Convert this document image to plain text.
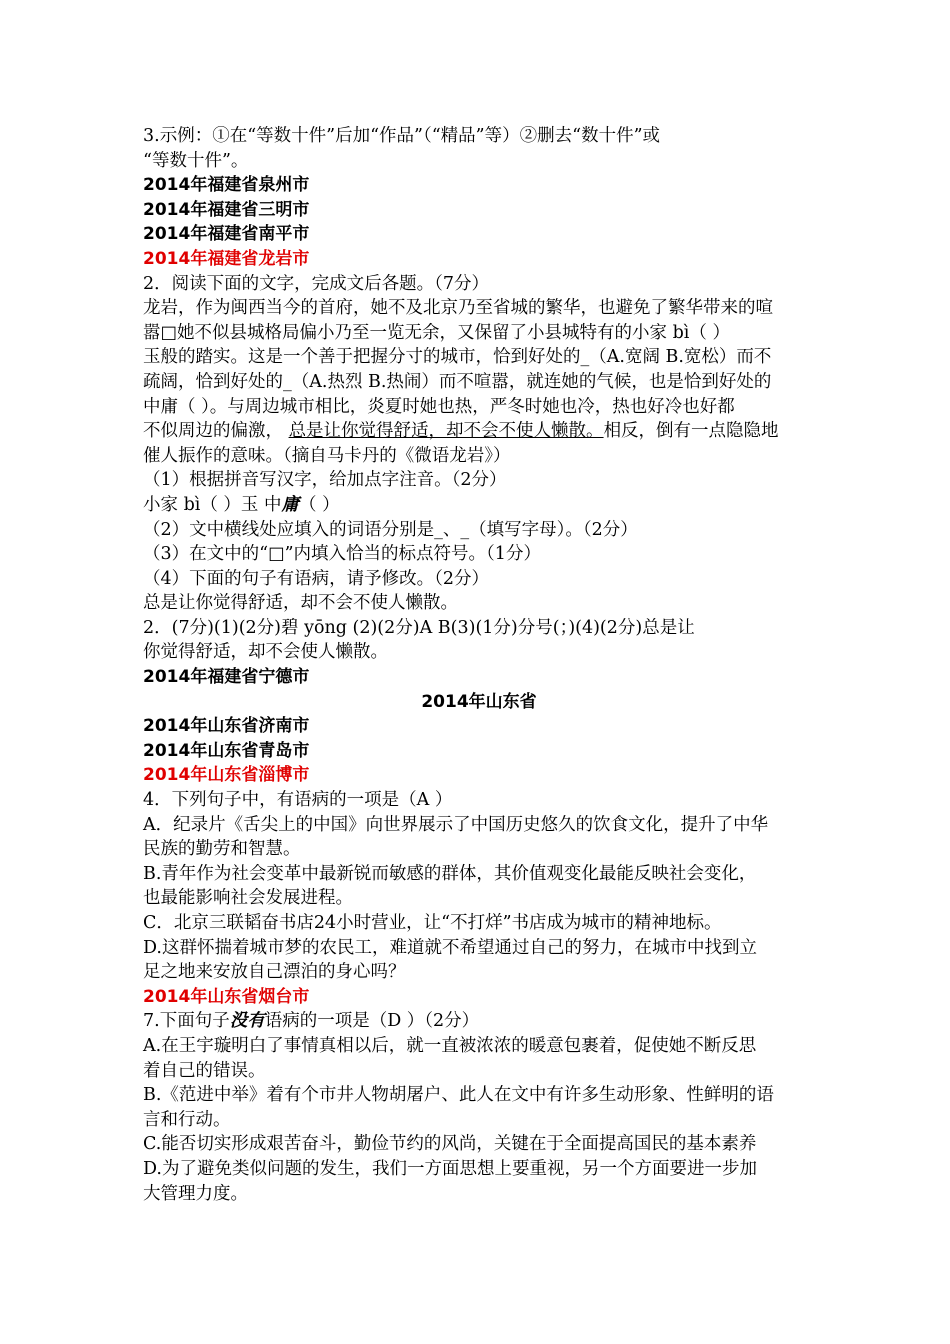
3.示例：①在“等数十件”后加“作品”（“精品”等）②删去“数十件”或
“等数十件”。
2014年福建省泉州市
2014年福建省三明市
2014年福建省南平市
2014年福建省龙岩市
2．阅读下面的文字，完成文后各题。（7分）
龙岩，作为闽西当今的首府，她不及北京乃至省城的繁华，也避免了繁华带来的喧
嚣□她不似县城格局偏小乃至一览无余，又保留了小县城特有的小家 bì（ ）
玉般的踏实。这是一个善于把握分寸的城市，恰到好处的_（A.宽阔 B.宽松）而不
疏阔，恰到好处的_（A.热烈 B.热闹）而不喧嚣，就连她的气候，也是恰到好处的
中庸（ ）。与周边城市相比，炎夏时她也热，严冬时她也冷，热也好冷也好都
不似周边的偏激， 总是让你觉得舒适，却不会不使人懒散。相反，倒有一点隐隐地
催人振作的意味。（摘自马卡丹的《微语龙岩》）
（1）根据拼音写汉字，给加点字注音。（2分）
小家 bì（ ）玉 中庸（ ）
（2）文中横线处应填入的词语分别是_、_（填写字母）。（2分）
（3）在文中的“□”内填入恰当的标点符号。（1分）
（4）下面的句子有语病，请予修改。（2分）
总是让你觉得舒适，却不会不使人懒散。
2．(7分)(1)(2分)碧 yōng (2)(2分)A B(3)(1分)分号(；)(4)(2分)总是让
你觉得舒适，却不会使人懒散。
2014年福建省宁德市
2014年山东省
2014年山东省济南市
2014年山东省青岛市
2014年山东省淄博市
4．下列句子中，有语病的一项是（A ）
A．纪录片《舌尖上的中国》向世界展示了中国历史悠久的饮食文化，提升了中华
民族的勤劳和智慧。
B.青年作为社会变革中最新锐而敏感的群体，其价值观变化最能反映社会变化，
也最能影响社会发展进程。
C．北京三联韬奋书店24小时营业，让“不打烊”书店成为城市的精神地标。
D.这群怀揣着城市梦的农民工，难道就不希望通过自己的努力，在城市中找到立
足之地来安放自己漂泊的身心吗？
2014年山东省烟台市
7.下面句子没有语病的一项是（D ）（2分）
A.在王宇璇明白了事情真相以后，就一直被浓浓的暖意包裹着，促使她不断反思
着自己的错误。
B.《范进中举》着有个市井人物胡屠户、此人在文中有许多生动形象、性鲜明的语
言和行动。
C.能否切实形成艰苦奋斗，勤俭节约的风尚，关键在于全面提高国民的基本素养
D.为了避免类似问题的发生，我们一方面思想上要重视，另一个方面要进一步加
大管理力度。
